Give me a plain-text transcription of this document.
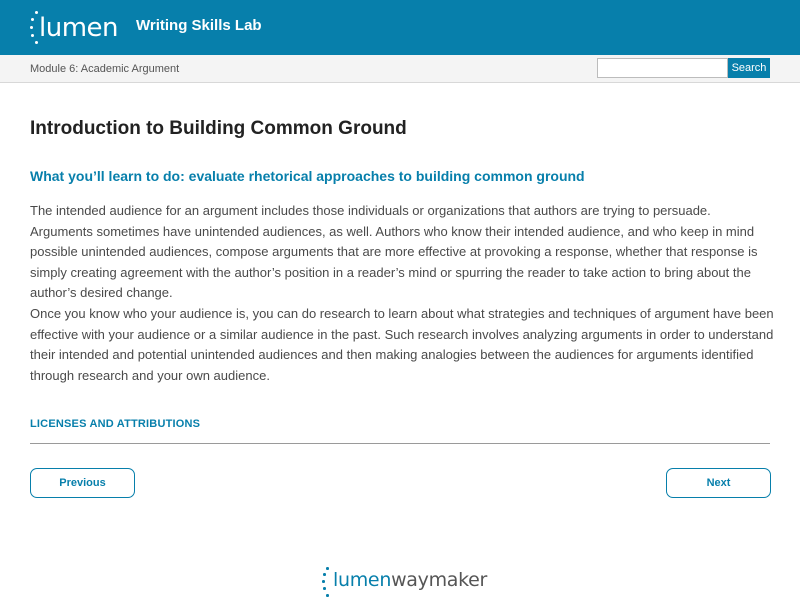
lumen Writing Skills Lab
Module 6: Academic Argument	Search
Introduction to Building Common Ground
What you’ll learn to do: evaluate rhetorical approaches to building common ground

The intended audience for an argument includes those individuals or organizations that authors are trying to persuade. Arguments sometimes have unintended audiences, as well. Authors who know their intended audience, and who keep in mind possible unintended audiences, compose arguments that are more effective at provoking a response, whether that response is simply creating agreement with the author’s position in a reader’s mind or spurring the reader to take action to bring about the author’s desired change.

Once you know who your audience is, you can do research to learn about what strategies and techniques of argument have been effective with your audience or a similar audience in the past. Such research involves analyzing arguments in order to understand their intended and potential unintended audiences and then making analogies between the audiences for arguments identified through research and your own audience.

LICENSES AND ATTRIBUTIONS
Previous	Next
lumenwaymaker
